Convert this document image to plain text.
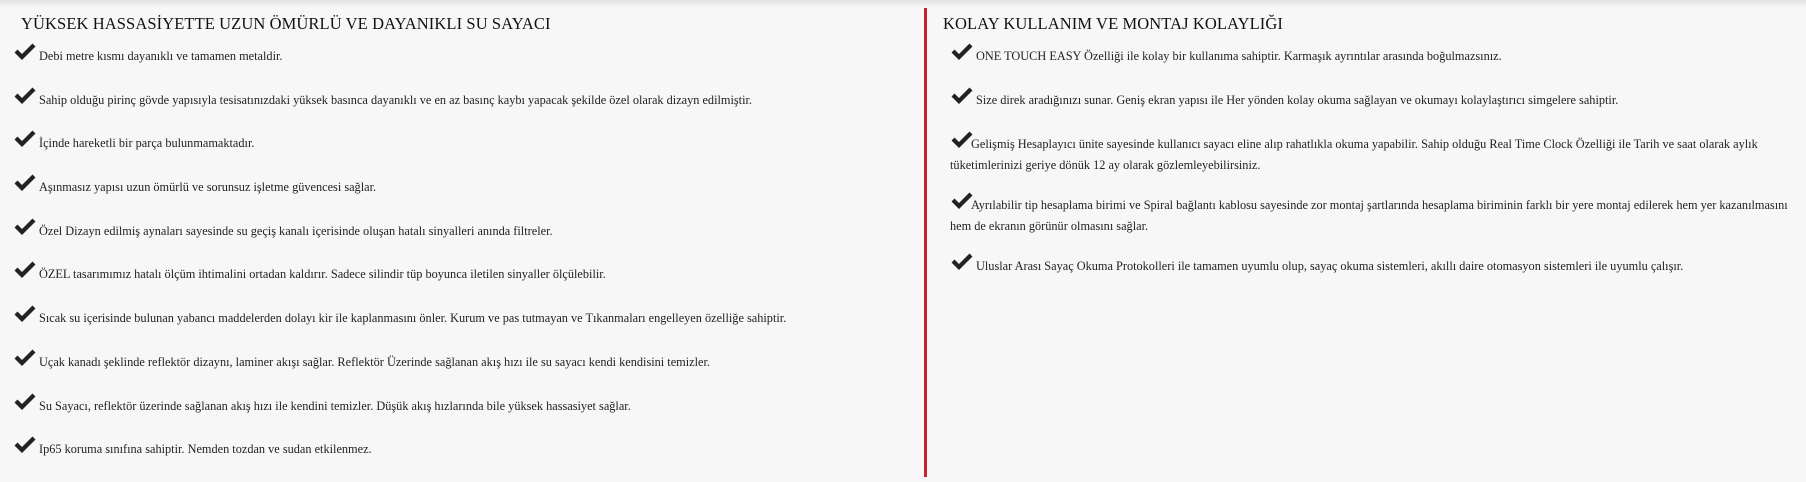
YÜKSEK HASSASİYETTE UZUN ÖMÜRLÜ VE DAYANIKLI SU SAYACI
Debi metre kısmı dayanıklı ve tamamen metaldir.
Sahip olduğu pirinç gövde yapısıyla tesisatınızdaki yüksek basınca dayanıklı ve en az basınç kaybı yapacak şekilde özel olarak dizayn edilmiştir.
İçinde hareketli bir parça bulunmamaktadır.
Aşınmasız yapısı uzun ömürlü ve sorunsuz işletme güvencesi sağlar.
Özel Dizayn edilmiş aynaları sayesinde su geçiş kanalı içerisinde oluşan hatalı sinyalleri anında filtreler.
ÖZEL tasarımımız hatalı ölçüm ihtimalini ortadan kaldırır. Sadece silindir tüp boyunca iletilen sinyaller ölçülebilir.
Sıcak su içerisinde bulunan yabancı maddelerden dolayı kir ile kaplanmasını önler. Kurum ve pas tutmayan ve Tıkanmaları engelleyen özelliğe sahiptir.
Uçak kanadı şeklinde reflektör dizaynı, laminer akışı sağlar. Reflektör Üzerinde sağlanan akış hızı ile su sayacı kendi kendisini temizler.
Su Sayacı, reflektör üzerinde sağlanan akış hızı ile kendini temizler. Düşük akış hızlarında bile yüksek hassasiyet sağlar.
Ip65 koruma sınıfına sahiptir. Nemden tozdan ve sudan etkilenmez.
KOLAY KULLANIM VE MONTAJ KOLAYLIĞI
ONE TOUCH EASY Özelliği ile kolay bir kullanıma sahiptir. Karmaşık ayrıntılar arasında boğulmazsınız.
Size direk aradığınızı sunar. Geniş ekran yapısı ile Her yönden kolay okuma sağlayan ve okumayı kolaylaştırıcı simgelere sahiptir.
Gelişmiş Hesaplayıcı ünite sayesinde kullanıcı sayacı eline alıp rahatlıkla okuma yapabilir. Sahip olduğu Real Time Clock Özelliği ile Tarih ve saat olarak aylık tüketimlerinizi geriye dönük 12 ay olarak gözlemleyebilirsiniz.
Ayrılabilir tip hesaplama birimi ve Spiral bağlantı kablosu sayesinde zor montaj şartlarında hesaplama biriminin farklı bir yere montaj edilerek hem yer kazanılmasını hem de ekranın görünür olmasını sağlar.
Uluslar Arası Sayaç Okuma Protokolleri ile tamamen uyumlu olup, sayaç okuma sistemleri, akıllı daire otomasyon sistemleri ile uyumlu çalışır.
